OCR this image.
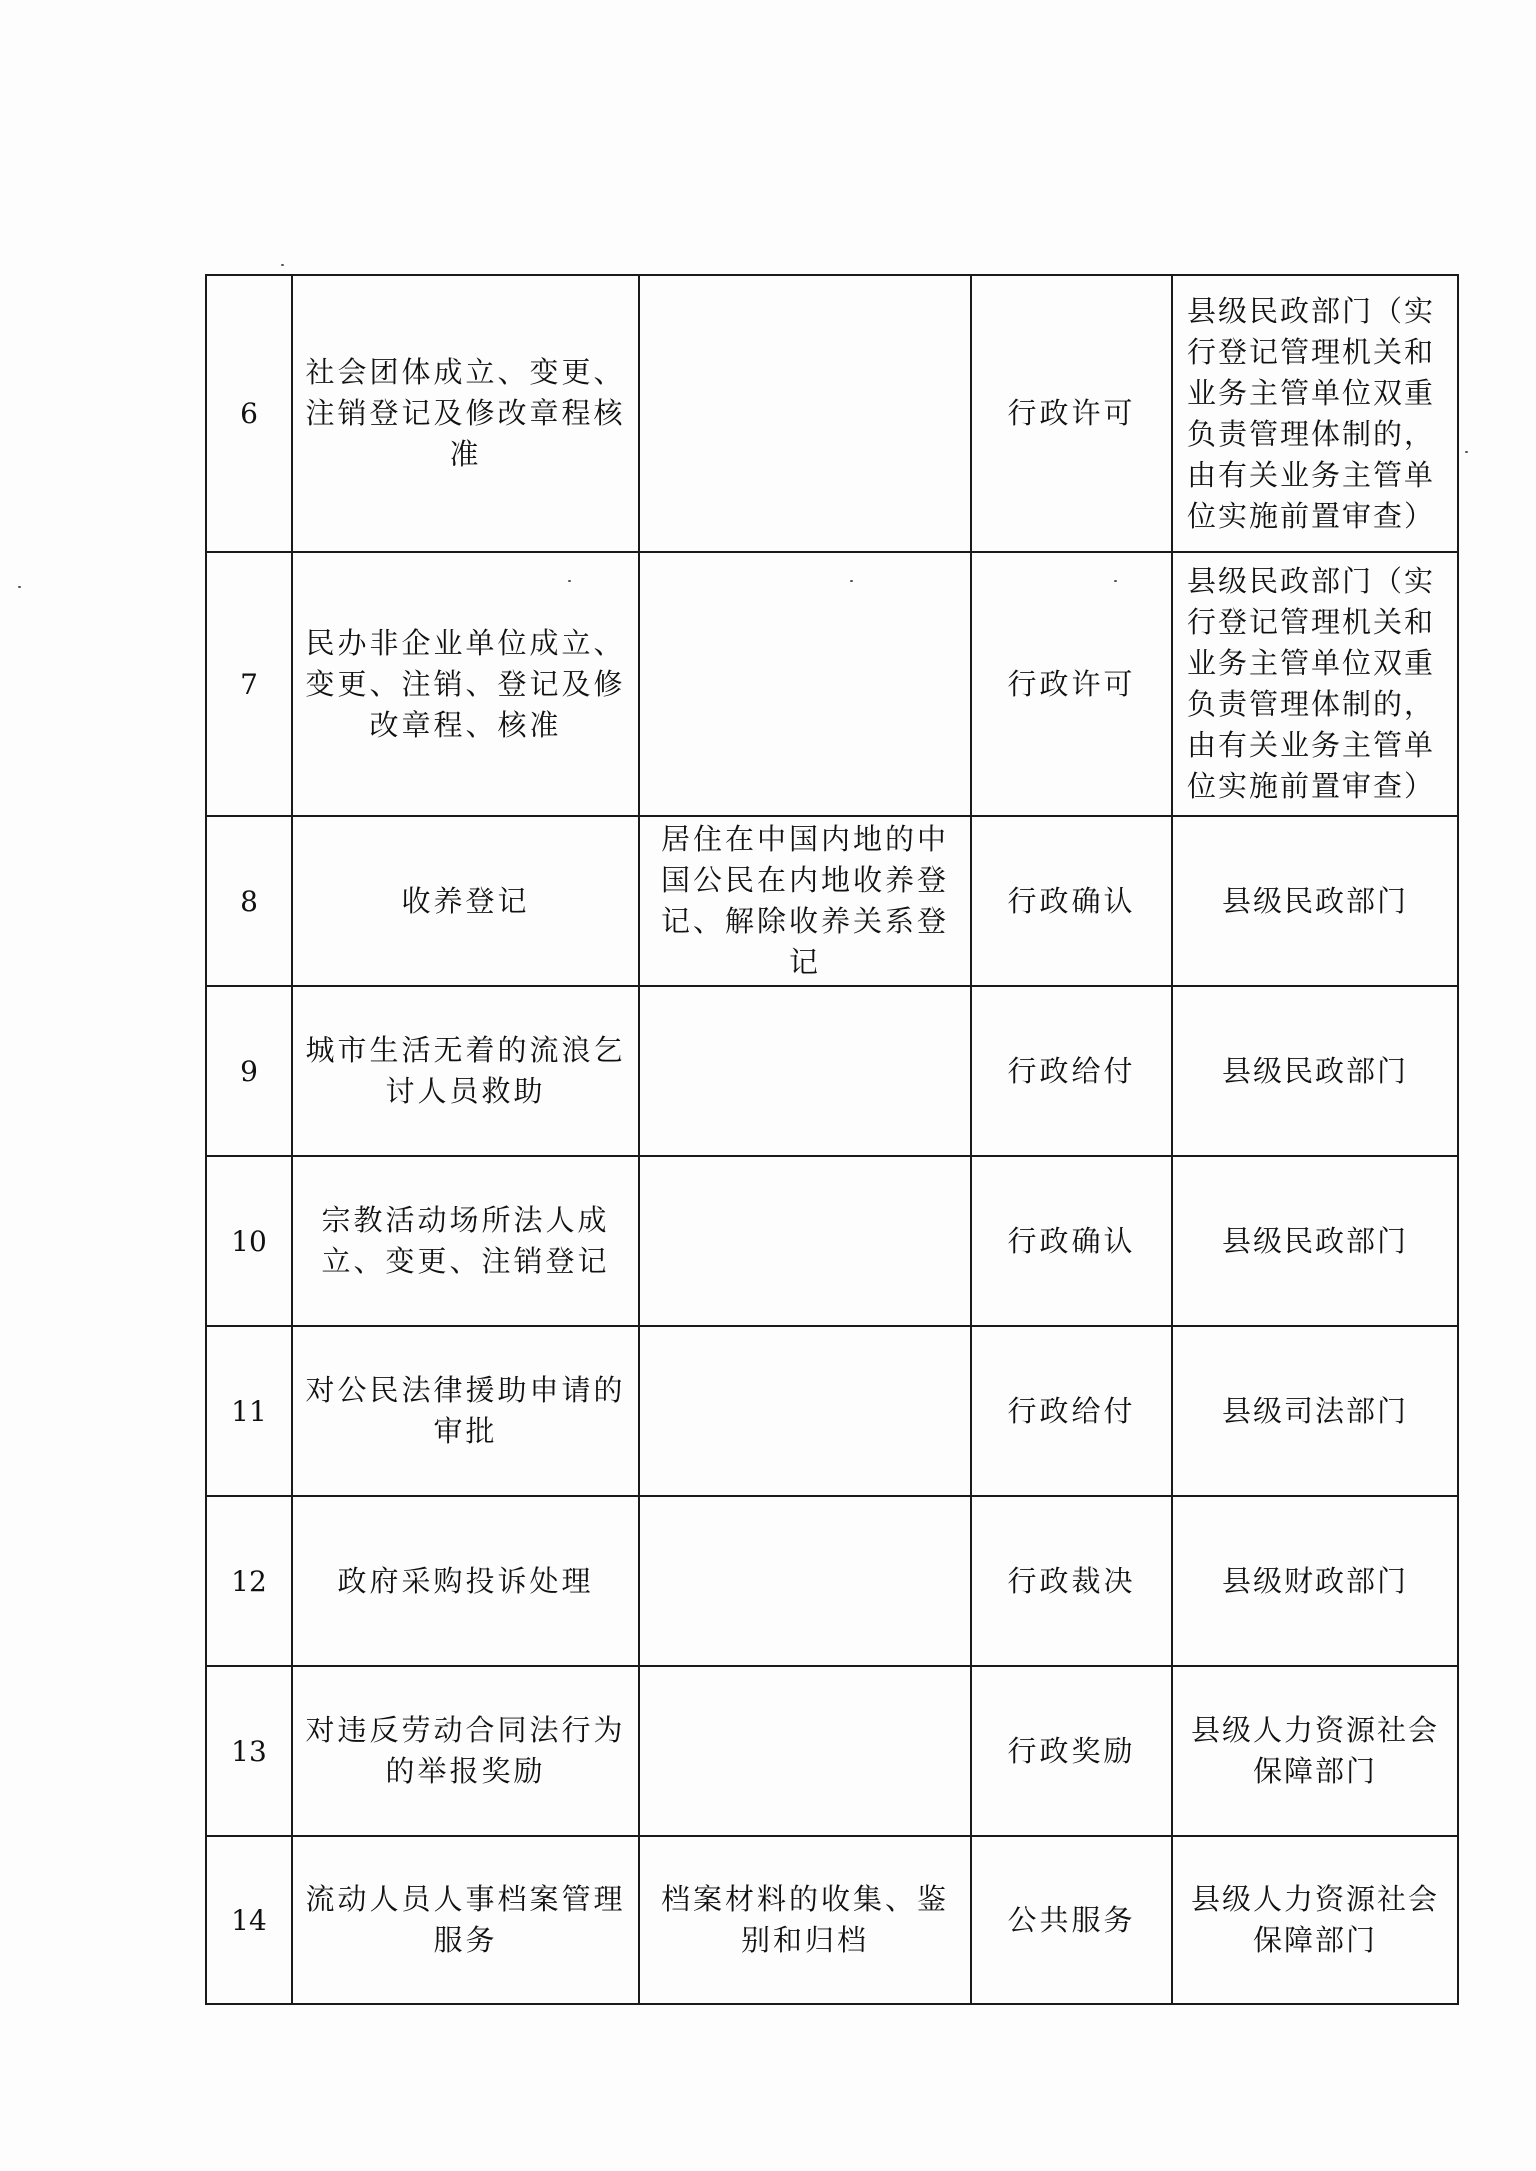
6	社会团体成立、变更、注销登记及修改章程核准		行政许可	县级民政部门（实行登记管理机关和业务主管单位双重负责管理体制的，由有关业务主管单位实施前置审查）
7	民办非企业单位成立、变更、注销、登记及修改章程、核准		行政许可	县级民政部门（实行登记管理机关和业务主管单位双重负责管理体制的，由有关业务主管单位实施前置审查）
8	收养登记	居住在中国内地的中国公民在内地收养登记、解除收养关系登记	行政确认	县级民政部门
9	城市生活无着的流浪乞讨人员救助		行政给付	县级民政部门
10	宗教活动场所法人成立、变更、注销登记		行政确认	县级民政部门
11	对公民法律援助申请的审批		行政给付	县级司法部门
12	政府采购投诉处理		行政裁决	县级财政部门
13	对违反劳动合同法行为的举报奖励		行政奖励	县级人力资源社会保障部门
14	流动人员人事档案管理服务	档案材料的收集、鉴别和归档	公共服务	县级人力资源社会保障部门
